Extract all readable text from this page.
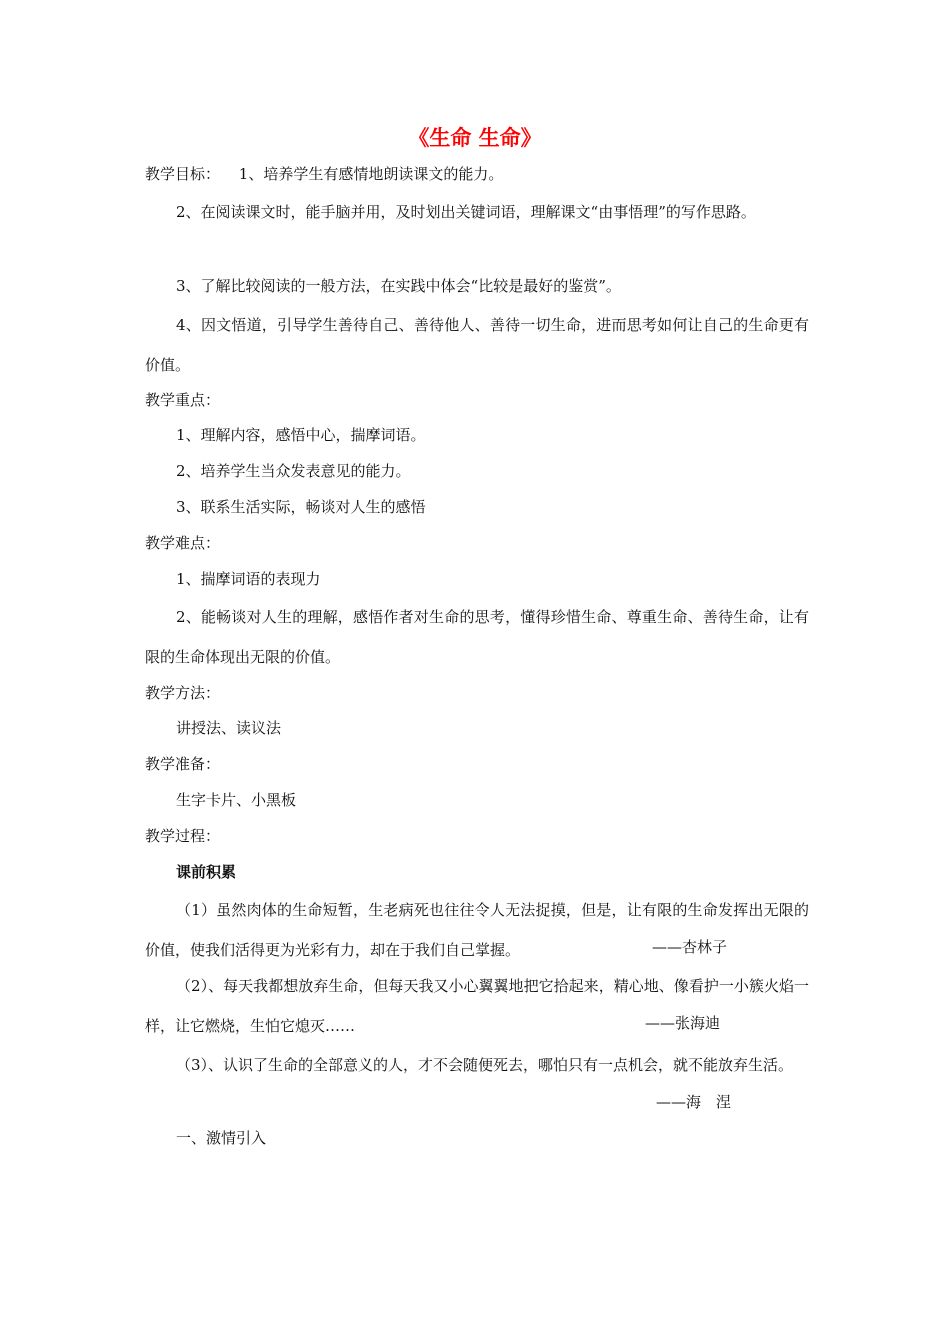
《生命 生命》
教学目标： 1、培养学生有感情地朗读课文的能力。
2、在阅读课文时，能手脑并用，及时划出关键词语，理解课文“由事悟理”的写作思路。
3、了解比较阅读的一般方法，在实践中体会“比较是最好的鉴赏”。
4、因文悟道，引导学生善待自己、善待他人、善待一切生命，进而思考如何让自己的生命更有价值。
教学重点：
1、理解内容，感悟中心，揣摩词语。
2、培养学生当众发表意见的能力。
3、联系生活实际，畅谈对人生的感悟
教学难点：
1、揣摩词语的表现力
2、能畅谈对人生的理解，感悟作者对生命的思考，懂得珍惜生命、尊重生命、善待生命，让有限的生命体现出无限的价值。
教学方法：
讲授法、读议法
教学准备：
生字卡片、小黑板
教学过程：
课前积累
（1）虽然肉体的生命短暂，生老病死也往往令人无法捉摸，但是，让有限的生命发挥出无限的价值，使我们活得更为光彩有力，却在于我们自己掌握。	——杏林子
（2）、每天我都想放弃生命，但每天我又小心翼翼地把它拾起来，精心地、像看护一小簇火焰一样，让它燃烧，生怕它熄灭……	——张海迪
（3）、认识了生命的全部意义的人，才不会随便死去，哪怕只有一点机会，就不能放弃生活。
——海　涅
一、激情引入
